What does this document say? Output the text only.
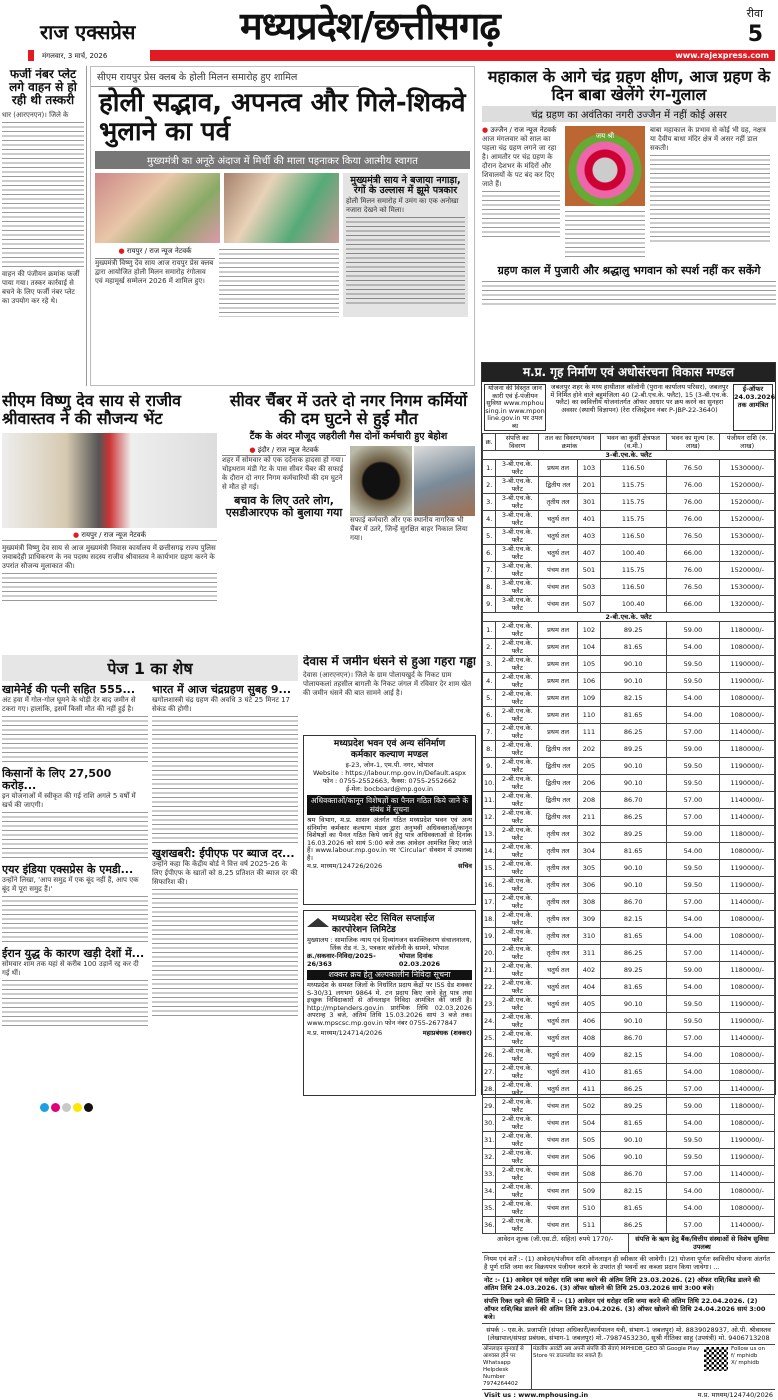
राज एक्सप्रेस
मंगलवार, 3 मार्च, 2026
मध्यप्रदेश/छत्तीसगढ़	रीवा
5
www.rajexpress.com
फर्जी नंबर प्लेट लगे वाहन से हो रही थी तस्करी
धार (आरएनएन)। जिले के
वाहन की पंजीयन क्रमांक फर्जी पाया गया। तस्कर कार्रवाई से बचने के लिए फर्जी नंबर प्लेट का उपयोग कर रहे थे।
सीएम रायपुर प्रेस क्लब के होली मिलन समारोह हुए शामिल
होली सद्भाव, अपनत्व और गिले-शिकवे भुलाने का पर्व
मुख्यमंत्री का अनूठे अंदाज में मिर्ची की माला पहनाकर किया आत्मीय स्वागत
● रायपुर / राज न्यूज नेटवर्क
मुख्यमंत्री विष्णु देव साय आज रायपुर प्रेस क्लब द्वारा आयोजित होली मिलन समारोह रंगोत्सव एवं महामूर्ख सम्मेलन 2026 में शामिल हुए।
मुख्यमंत्री साय ने बजाया नगाड़ा, रंगों के उल्लास में झूमे पत्रकार
होली मिलन समारोह में उमंग का एक अनोखा नजारा देखने को मिला।
महाकाल के आगे चंद्र ग्रहण क्षीण, आज ग्रहण के दिन बाबा खेलेंगे रंग-गुलाल
चंद्र ग्रहण का अवंतिका नगरी उज्जैन में नहीं कोई असर
● उज्जैन / राज न्यूज नेटवर्क
आज मंगलवार को साल का पहला चंद्र ग्रहण लगने जा रहा है। आमतौर पर चंद्र ग्रहण के दौरान देशभर के मंदिरों और शिवालयों के पट बंद कर दिए जाते हैं।
जय श्री
बाबा महाकाल के प्रभाव से कोई भी ग्रह, नक्षत्र या दैवीय बाधा मंदिर क्षेत्र में असर नहीं डाल सकती।
ग्रहण काल में पुजारी और श्रद्धालु भगवान को स्पर्श नहीं कर सकेंगे
सीएम विष्णु देव साय से राजीव श्रीवास्तव ने की सौजन्य भेंट
● रायपुर / राज न्यूज नेटवर्क
मुख्यमंत्री विष्णु देव साय से आज मुख्यमंत्री निवास कार्यालय में छत्तीसगढ़ राज्य पुलिस जवाबदेही प्राधिकरण के नव पदस्थ सदस्य राजीव श्रीवास्तव ने कार्यभार ग्रहण करने के उपरांत सौजन्य मुलाकात की।
सीवर चैंबर में उतरे दो नगर निगम कर्मियों की दम घुटने से हुई मौत
टैंक के अंदर मौजूद जहरीली गैस दोनों कर्मचारी हुए बेहोश
● इंदौर / राज न्यूज नेटवर्क
शहर में सोमवार को एक दर्दनाक हादसा हो गया। चोइथराम मंडी गेट के पास सीवर चैंबर की सफाई के दौरान दो नगर निगम कर्मचारियों की दम घुटने से मौत हो गई।
बचाव के लिए उतरे लोग, एसडीआरएफ को बुलाया गया
सफाई कर्मचारी और एक स्थानीय नागरिक भी चैंबर में उतरे, जिन्हें सुरक्षित बाहर निकाल लिया गया।
पेज 1 का शेष
खामेनेई की पत्नी सहित 555...
अंट हवा में गोल-गोल घूमने के थोड़ी देर बाद जमीन से टकरा गए। हालांकि, इसमें किसी मौत की नहीं हुई है।
किसानों के लिए 27,500 करोड़...
इन योजनाओं में स्वीकृत की गई राशि अगले 5 वर्षों में खर्च की जाएगी।
एयर इंडिया एक्सप्रेस के एमडी...
उन्होंने लिखा, 'आप समुद्र में एक बूंद नहीं हैं, आप एक बूंद में पूरा समुद्र हैं।'
ईरान युद्ध के कारण खड़ी देशों में...
सोमवार शाम तक यहां से करीब 100 उड़ानें रद्द कर दी गई थीं।
भारत में आज चंद्रग्रहण सुबह 9...
खगोलशास्त्री चंद्र ग्रहण की अवधि 3 घंटे 25 मिनट 17 सेकंड की होगी।
खुशखबरी: ईपीएफ पर ब्याज दर...
उन्होंने कहा कि केंद्रीय बोर्ड ने वित्त वर्ष 2025-26 के लिए ईपीएफ के खातों को 8.25 प्रतिशत की ब्याज दर की सिफारिश की।
देवास में जमीन धंसने से हुआ गहरा गड्ढा
देवास (आरएनएन)। जिले के ग्राम पोलायखुर्द के निकट ग्राम पोलायकलां तहसील बागली के निकट जंगल में रविवार देर शाम खेत की जमीन धंसने की बात सामने आई है।
मध्यप्रदेश भवन एवं अन्य संनिर्माण
कर्मकार कल्याण मण्डल
इ-23, जोन-1, एम.पी. नगर, भोपाल
Website : https://labour.mp.gov.in/Default.aspx
फोन : 0755-2552663, फैक्स: 0755-2552662
ई-मेल: bocboard@mp.gov.in
अधिवक्ताओं/कानून विशेषज्ञों का पैनल गठित किये जाने के संबंध में सूचना
श्रम विभाग, म.प्र. शासन अंतर्गत गठित मध्यप्रदेश भवन एवं अन्य संनिर्माण कर्मकार कल्याण मंडल द्वारा अनुभवी अधिवक्ताओं/कानून विशेषज्ञों का पैनल गठित किये जाने हेतु पात्र अधिवक्ताओं से दिनांक 16.03.2026 को सायं 5:00 बजे तक आवेदन आमंत्रित किए जाते हैं। www.labour.mp.gov.in पर 'Circular' सेक्शन में उपलब्ध है।
म.प्र. माध्यम/124726/2026	सचिव
मध्यप्रदेश स्टेट सिविल सप्लाईज कारपोरेशन लिमिटेड
मुख्यालय : सामाजिक न्याय एवं दिव्यांगजन सशक्तिकरण संचालनालय,
लिंक रोड नं. 3, पत्रकार कॉलोनी के सामने, भोपाल
क्र./सकवार-निविदा/2025-26/363
भोपाल दिनांक 02.03.2026
शक्कर क्रय हेतु अल्पकालीन निविदा सूचना
मध्यप्रदेश के समस्त जिलों के निर्धारित प्रदाय केंद्रों पर ISS ग्रेड शक्कर S-30/31 लगभग 9864 मे. टन प्रदाय किए जाने हेतु पात्र तथा इच्छुक निविदाकारों से ऑनलाइन निविदा आमंत्रित की जाती है। http://mptenders.gov.in प्रारंभिक तिथि 02.03.2026 अपरान्ह 3 बजे, अंतिम तिथि 15.03.2026 सायं 3 बजे तक। www.mpscsc.mp.gov.in फोन नंबर 0755-2677847
म.प्र. माध्यम/124714/2026	महाप्रबंधक (शक्कर)
म.प्र. गृह निर्माण एवं अधोसंरचना विकास मण्डल
योजना की विस्तृत जानकारी एवं ई-पंजीयन सुविधा www.mphousing.in www.mponline.gov.in पर उपलब्ध
जबलपुर शहर के मध्य हाथीताल कॉलोनी (पुराना कार्यालय परिसर), जबलपुर में निर्मित होने वाले बहुमंजिला 40 (2-बी.एच.के. फ्लैट), 15 (3-बी.एच.के. फ्लैट) का स्ववित्तीय योजनांतर्गत ऑफर आधार पर क्रय करने का सुनहरा अवसर (स्थायी विज्ञापन) (रेरा रजिस्ट्रेशन नंबर P-JBP-22-3640)
ई-ऑफर 24.03.2026 तक आमंत्रित
क्र.	संपत्ति का विवरण	तल का विवरण/भवन क्रमांक		भवन का कुर्सी क्षेत्रफल (व.मी.)	भवन का मूल्य (रु. लाख)	पंजीयन राशि (रु. लाख)
3-बी.एच.के. फ्लैट						
1.	3-बी.एच.के. फ्लैट	प्रथम तल	103	116.50	76.50	1530000/-
2.	3-बी.एच.के. फ्लैट	द्वितीय तल	201	115.75	76.00	1520000/-
3.	3-बी.एच.के. फ्लैट	तृतीय तल	301	115.75	76.00	1520000/-
4.	3-बी.एच.के. फ्लैट	चतुर्थ तल	401	115.75	76.00	1520000/-
5.	3-बी.एच.के. फ्लैट	चतुर्थ तल	403	116.50	76.50	1530000/-
6.	3-बी.एच.के. फ्लैट	चतुर्थ तल	407	100.40	66.00	1320000/-
7.	3-बी.एच.के. फ्लैट	पंचम तल	501	115.75	76.00	1520000/-
8.	3-बी.एच.के. फ्लैट	पंचम तल	503	116.50	76.50	1530000/-
9.	3-बी.एच.के. फ्लैट	पंचम तल	507	100.40	66.00	1320000/-
2-बी.एच.के. फ्लैट						
1.	2-बी.एच.के. फ्लैट	प्रथम तल	102	89.25	59.00	1180000/-
2.	2-बी.एच.के. फ्लैट	प्रथम तल	104	81.65	54.00	1080000/-
3.	2-बी.एच.के. फ्लैट	प्रथम तल	105	90.10	59.50	1190000/-
4.	2-बी.एच.के. फ्लैट	प्रथम तल	106	90.10	59.50	1190000/-
5.	2-बी.एच.के. फ्लैट	प्रथम तल	109	82.15	54.00	1080000/-
6.	2-बी.एच.के. फ्लैट	प्रथम तल	110	81.65	54.00	1080000/-
7.	2-बी.एच.के. फ्लैट	प्रथम तल	111	86.25	57.00	1140000/-
8.	2-बी.एच.के. फ्लैट	द्वितीय तल	202	89.25	59.00	1180000/-
9.	2-बी.एच.के. फ्लैट	द्वितीय तल	205	90.10	59.50	1190000/-
10.	2-बी.एच.के. फ्लैट	द्वितीय तल	206	90.10	59.50	1190000/-
11.	2-बी.एच.के. फ्लैट	द्वितीय तल	208	86.70	57.00	1140000/-
12.	2-बी.एच.के. फ्लैट	द्वितीय तल	211	86.25	57.00	1140000/-
13.	2-बी.एच.के. फ्लैट	तृतीय तल	302	89.25	59.00	1180000/-
14.	2-बी.एच.के. फ्लैट	तृतीय तल	304	81.65	54.00	1080000/-
15.	2-बी.एच.के. फ्लैट	तृतीय तल	305	90.10	59.50	1190000/-
16.	2-बी.एच.के. फ्लैट	तृतीय तल	306	90.10	59.50	1190000/-
17.	2-बी.एच.के. फ्लैट	तृतीय तल	308	86.70	57.00	1140000/-
18.	2-बी.एच.के. फ्लैट	तृतीय तल	309	82.15	54.00	1080000/-
19.	2-बी.एच.के. फ्लैट	तृतीय तल	310	81.65	54.00	1080000/-
20.	2-बी.एच.के. फ्लैट	तृतीय तल	311	86.25	57.00	1140000/-
21.	2-बी.एच.के. फ्लैट	चतुर्थ तल	402	89.25	59.00	1180000/-
22.	2-बी.एच.के. फ्लैट	चतुर्थ तल	404	81.65	54.00	1080000/-
23.	2-बी.एच.के. फ्लैट	चतुर्थ तल	405	90.10	59.50	1190000/-
24.	2-बी.एच.के. फ्लैट	चतुर्थ तल	406	90.10	59.50	1190000/-
25.	2-बी.एच.के. फ्लैट	चतुर्थ तल	408	86.70	57.00	1140000/-
26.	2-बी.एच.के. फ्लैट	चतुर्थ तल	409	82.15	54.00	1080000/-
27.	2-बी.एच.के. फ्लैट	चतुर्थ तल	410	81.65	54.00	1080000/-
28.	2-बी.एच.के. फ्लैट	चतुर्थ तल	411	86.25	57.00	1140000/-
29.	2-बी.एच.के. फ्लैट	पंचम तल	502	89.25	59.00	1180000/-
30.	2-बी.एच.के. फ्लैट	पंचम तल	504	81.65	54.00	1080000/-
31.	2-बी.एच.के. फ्लैट	पंचम तल	505	90.10	59.50	1190000/-
32.	2-बी.एच.के. फ्लैट	पंचम तल	506	90.10	59.50	1190000/-
33.	2-बी.एच.के. फ्लैट	पंचम तल	508	86.70	57.00	1140000/-
34.	2-बी.एच.के. फ्लैट	पंचम तल	509	82.15	54.00	1080000/-
35.	2-बी.एच.के. फ्लैट	पंचम तल	510	81.65	54.00	1080000/-
36.	2-बी.एच.के. फ्लैट	पंचम तल	511	86.25	57.00	1140000/-
आवेदन शुल्क (जी.एस.टी. सहित) रुपये 1770/-	संपत्ति के ऋण हेतु बैंक/वित्तीय संस्थाओं से विशेष सुविधा उपलब्ध
नियम एवं शर्तें :- (1) आवेदन/पंजीयन राशि ऑनलाइन ही स्वीकार की जावेगी। (2) योजना पूर्णतः स्ववित्तीय योजना अंतर्गत है पूर्ण राशि जमा कर विक्रयपत्र पंजीयन कराने के उपरांत ही भवनों का कब्जा प्रदान किया जावेगा। ...
नोट :- (1) आवेदन एवं धरोहर राशि जमा करने की अंतिम तिथि 23.03.2026. (2) ऑफर राशि/बिड डालने की अंतिम तिथि 24.03.2026. (3) ऑफर खोलने की तिथि 25.03.2026 सायं 3:00 बजे।
संपत्ति रिक्त रहने की स्थिति में :- (1) आवेदन एवं धरोहर राशि जमा करने की अंतिम तिथि 22.04.2026. (2) ऑफर राशि/बिड डालने की अंतिम तिथि 23.04.2026. (3) ऑफर खोलने की तिथि 24.04.2026 सायं 3:00 बजे।
संपर्क :- एस.के. प्रजापति (संपदा अधिकारी/कार्यपालन यंत्री, संभाग-1 जबलपुर) मो. 8839028937, ओ.पी. श्रीवास्तव (लेखापाल/संपदा प्रबंधक, संभाग-1 जबलपुर) मो.-7987453230, सुश्री गीतिका साहू (उपयंत्री) मो. 9406713208
ऑनलाइन सुनवाई से आश्वस्त होने पर Whatsapp Helpdesk Number 7974264402
मंडलीय आवंटी अब अपनी संपत्ति की सेवाएं MPHIDB_GEO को Google Play Store पर डाउनलोड कर सकते हैं।
Follow us on
f/ mphidb
X/ mphidb
Visit us : www.mphousing.in	म.प्र. माध्यम/124740/2026
